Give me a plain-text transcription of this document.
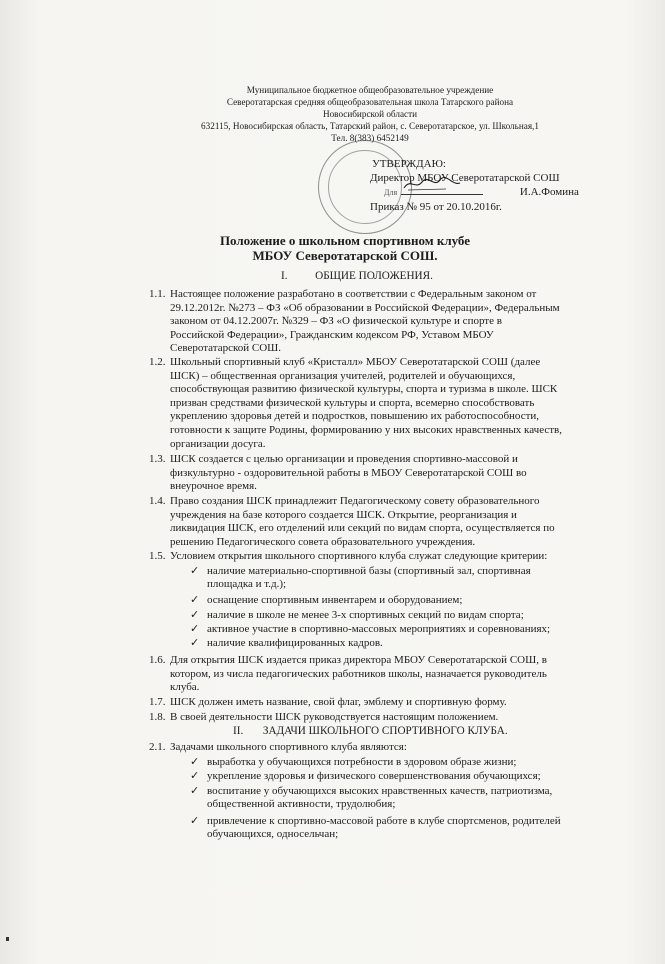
Муниципальное бюджетное общеобразовательное учреждение
Северотатарская средняя общеобразовательная школа Татарского района
Новосибирской области
632115, Новосибирская область, Татарский район, с. Северотатарское, ул. Школьная,1
Тел. 8(383) 6452149
УТВЕРЖДАЮ:
Директор МБОУ Северотатарской СОШ
Для	И.А.Фомина
Приказ № 95 от 20.10.2016г.
Положение о школьном спортивном клубе
МБОУ Северотатарской СОШ.
I. ОБЩИЕ ПОЛОЖЕНИЯ.
1.1. Настоящее положение разработано в соответствии с Федеральным законом от
29.12.2012г. №273 – ФЗ «Об образовании в Российской Федерации», Федеральным
законом от 04.12.2007г. №329 – ФЗ «О физической культуре и спорте в
Российской Федерации», Гражданским кодексом РФ, Уставом МБОУ
Северотатарской СОШ.
1.2. Школьный спортивный клуб «Кристалл» МБОУ Северотатарской СОШ (далее
ШСК) – общественная организация учителей, родителей и обучающихся,
способствующая развитию физической культуры, спорта и туризма в школе. ШСК
призван средствами физической культуры и спорта, всемерно способствовать
укреплению здоровья детей и подростков, повышению их работоспособности,
готовности к защите Родины, формированию у них высоких нравственных качеств,
организации досуга.
1.3. ШСК создается с целью организации и проведения спортивно-массовой и
физкультурно - оздоровительной работы в МБОУ Северотатарской СОШ во
внеурочное время.
1.4. Право создания ШСК принадлежит Педагогическому совету образовательного
учреждения на базе которого создается ШСК. Открытие, реорганизация и
ликвидация ШСК, его отделений или секций по видам спорта, осуществляется по
решению Педагогического совета образовательного учреждения.
1.5. Условием открытия школьного спортивного клуба служат следующие критерии:
✓ наличие материально-спортивной базы (спортивный зал, спортивная
площадка и т.д.);
✓ оснащение спортивным инвентарем и оборудованием;
✓ наличие в школе не менее 3-х спортивных секций по видам спорта;
✓ активное участие в спортивно-массовых мероприятиях и соревнованиях;
✓ наличие квалифицированных кадров.
1.6. Для открытия ШСК издается приказ директора МБОУ Северотатарской СОШ, в
котором, из числа педагогических работников школы, назначается руководитель
клуба.
1.7. ШСК должен иметь название, свой флаг, эмблему и спортивную форму.
1.8. В своей деятельности ШСК руководствуется настоящим положением.
II. ЗАДАЧИ ШКОЛЬНОГО СПОРТИВНОГО КЛУБА.
2.1. Задачами школьного спортивного клуба являются:
✓ выработка у обучающихся потребности в здоровом образе жизни;
✓ укрепление здоровья и физического совершенствования обучающихся;
✓ воспитание у обучающихся высоких нравственных качеств, патриотизма,
общественной активности, трудолюбия;
✓ привлечение к спортивно-массовой работе в клубе спортсменов, родителей
обучающихся, односельчан;
